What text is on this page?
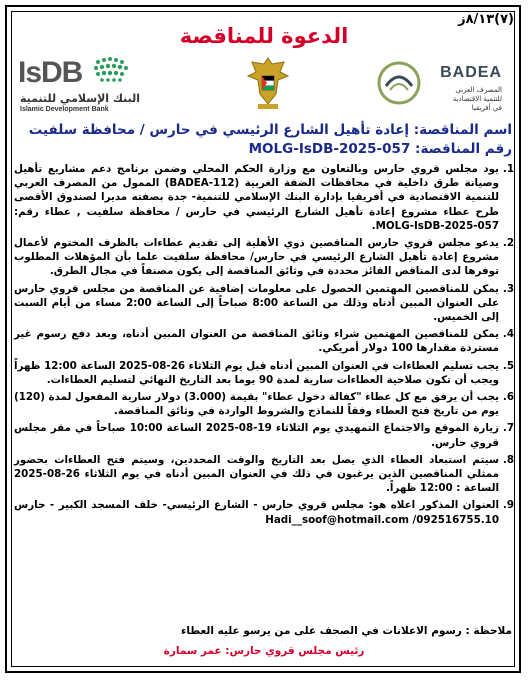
(٧)٨/١٣ز
الدعوة للمناقصة
IsDB
البنك الإسلامي للتنمية
Islamic Development Bank
BADEA
المصرف العربي للتنمية الاقتصادية في أفريقيا
اسم المناقصة: إعادة تأهيل الشارع الرئيسي في حارس / محافظة سلفيت
رقم المناقصة: MOLG-IsDB-2025-057
1.
يود مجلس قروي حارس وبالتعاون مع وزارة الحكم المحلي وضمن برنامج دعم مشاريع تأهيل وصيانة طرق داخلية في محافظات الضفة الغربية (BADEA-112) الممول من المصرف العربي للتنمية الاقتصادية في أفريقيا بإدارة البنك الإسلامي للتنمية- جدة بصفته مديرا لصندوق الأقصى طرح عطاء مشروع إعادة تأهيل الشارع الرئيسي في حارس / محافظة سلفيت , عطاء رقم: MOLG-IsDB-2025-057.
2.
يدعو مجلس قروي حارس المناقصين ذوي الأهلية إلى تقديم عطاءات بالظرف المختوم لأعمال مشروع إعادة تأهيل الشارع الرئيسي في حارس/ محافظة سلفيت علما بأن المؤهلات المطلوب توفرها لدى المناقص الفائز محددة في وثائق المناقصة إلى يكون مصنفاً في مجال الطرق.
3.
يمكن للمناقصين المهتمين الحصول على معلومات إضافية عن المناقصة من مجلس قروي حارس على العنوان المبين أدناه وذلك من الساعة 8:00 صباحاً إلى الساعة 2:00 مساء من أيام السبت إلى الخميس.
4.
يمكن للمناقصين المهتمين شراء وثائق المناقصة من العنوان المبين أدناه، وبعد دفع رسوم غير مستردة مقدارها 100 دولار أمريكي.
5.
يجب تسليم العطاءات في العنوان المبين أدناه قبل يوم الثلاثاء 26-08-2025 الساعة 12:00 ظهراً ويجب أن تكون صلاحية العطاءات سارية لمدة 90 يوما بعد التاريخ النهائي لتسليم العطاءات.
6.
يجب أن يرفق مع كل عطاء "كفالة دخول عطاء" بقيمة (3.000) دولار سارية المفعول لمدة (120) يوم من تاريخ فتح العطاء وفقاً للنماذج والشروط الواردة في وثائق المناقصة.
7.
زيارة الموقع والاجتماع التمهيدي يوم الثلاثاء 19-08-2025 الساعة 10:00 صباحاً في مقر مجلس قروي حارس.
8.
سيتم استبعاد العطاء الذي يصل بعد التاريخ والوقت المحددين، وسيتم فتح العطاءات بحضور ممثلي المناقصين الذين يرغبون في ذلك في العنوان المبين أدناه في يوم الثلاثاء 26-08-2025 الساعة : 12:00 ظهراً.
9.
العنوان المذكور اعلاه هو: مجلس قروي حارس - الشارع الرئيسي- خلف المسجد الكبير - حارس Hadi__soof@hotmail.com /092516755.10
ملاحظة : رسوم الاعلانات في الصحف على من يرسو عليه العطاء
رئيس مجلس قروي حارس: عمر سمارة
